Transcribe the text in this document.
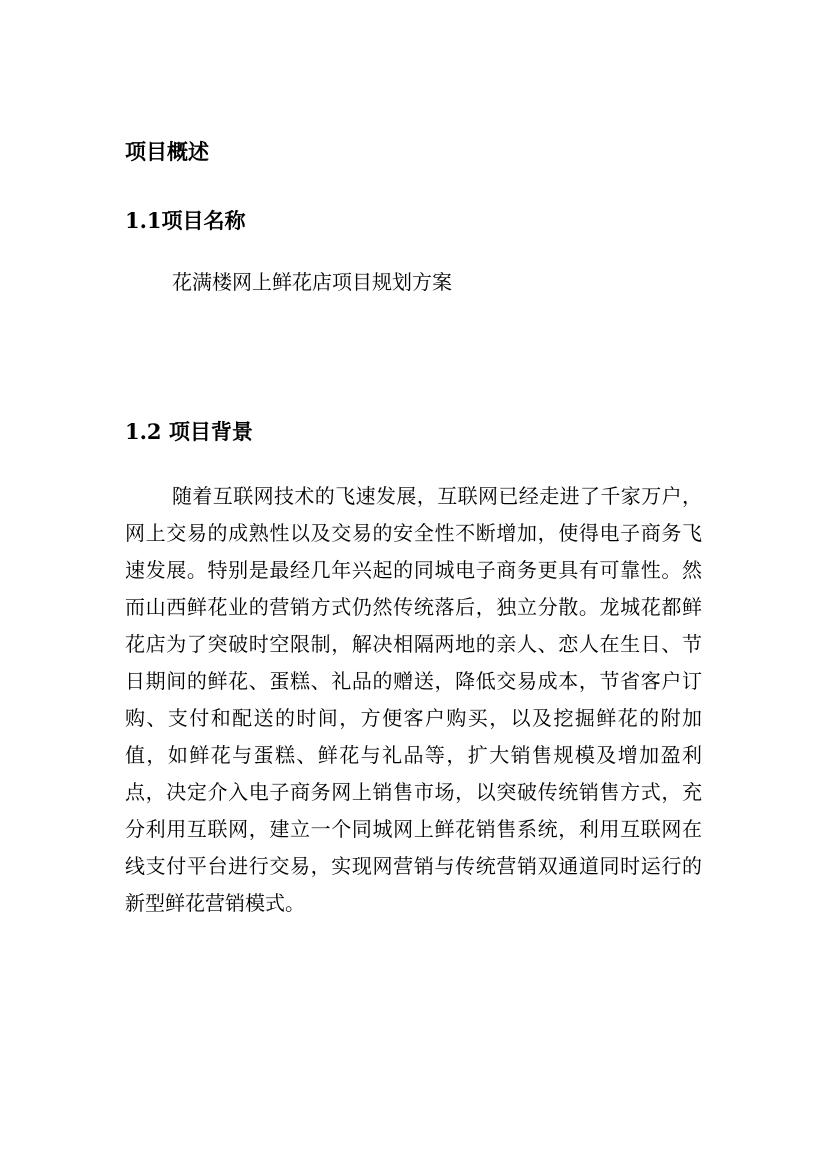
项目概述
1.1项目名称
花满楼网上鲜花店项目规划方案
1.2 项目背景

随着互联网技术的飞速发展，互联网已经走进了千家万户，网上交易的成熟性以及交易的安全性不断增加，使得电子商务飞速发展。特别是最经几年兴起的同城电子商务更具有可靠性。然而山西鲜花业的营销方式仍然传统落后，独立分散。龙城花都鲜花店为了突破时空限制，解决相隔两地的亲人、恋人在生日、节日期间的鲜花、蛋糕、礼品的赠送，降低交易成本，节省客户订购、支付和配送的时间，方便客户购买，以及挖掘鲜花的附加值，如鲜花与蛋糕、鲜花与礼品等，扩大销售规模及增加盈利点，决定介入电子商务网上销售市场，以突破传统销售方式，充分利用互联网，建立一个同城网上鲜花销售系统，利用互联网在线支付平台进行交易，实现网营销与传统营销双通道同时运行的新型鲜花营销模式。
